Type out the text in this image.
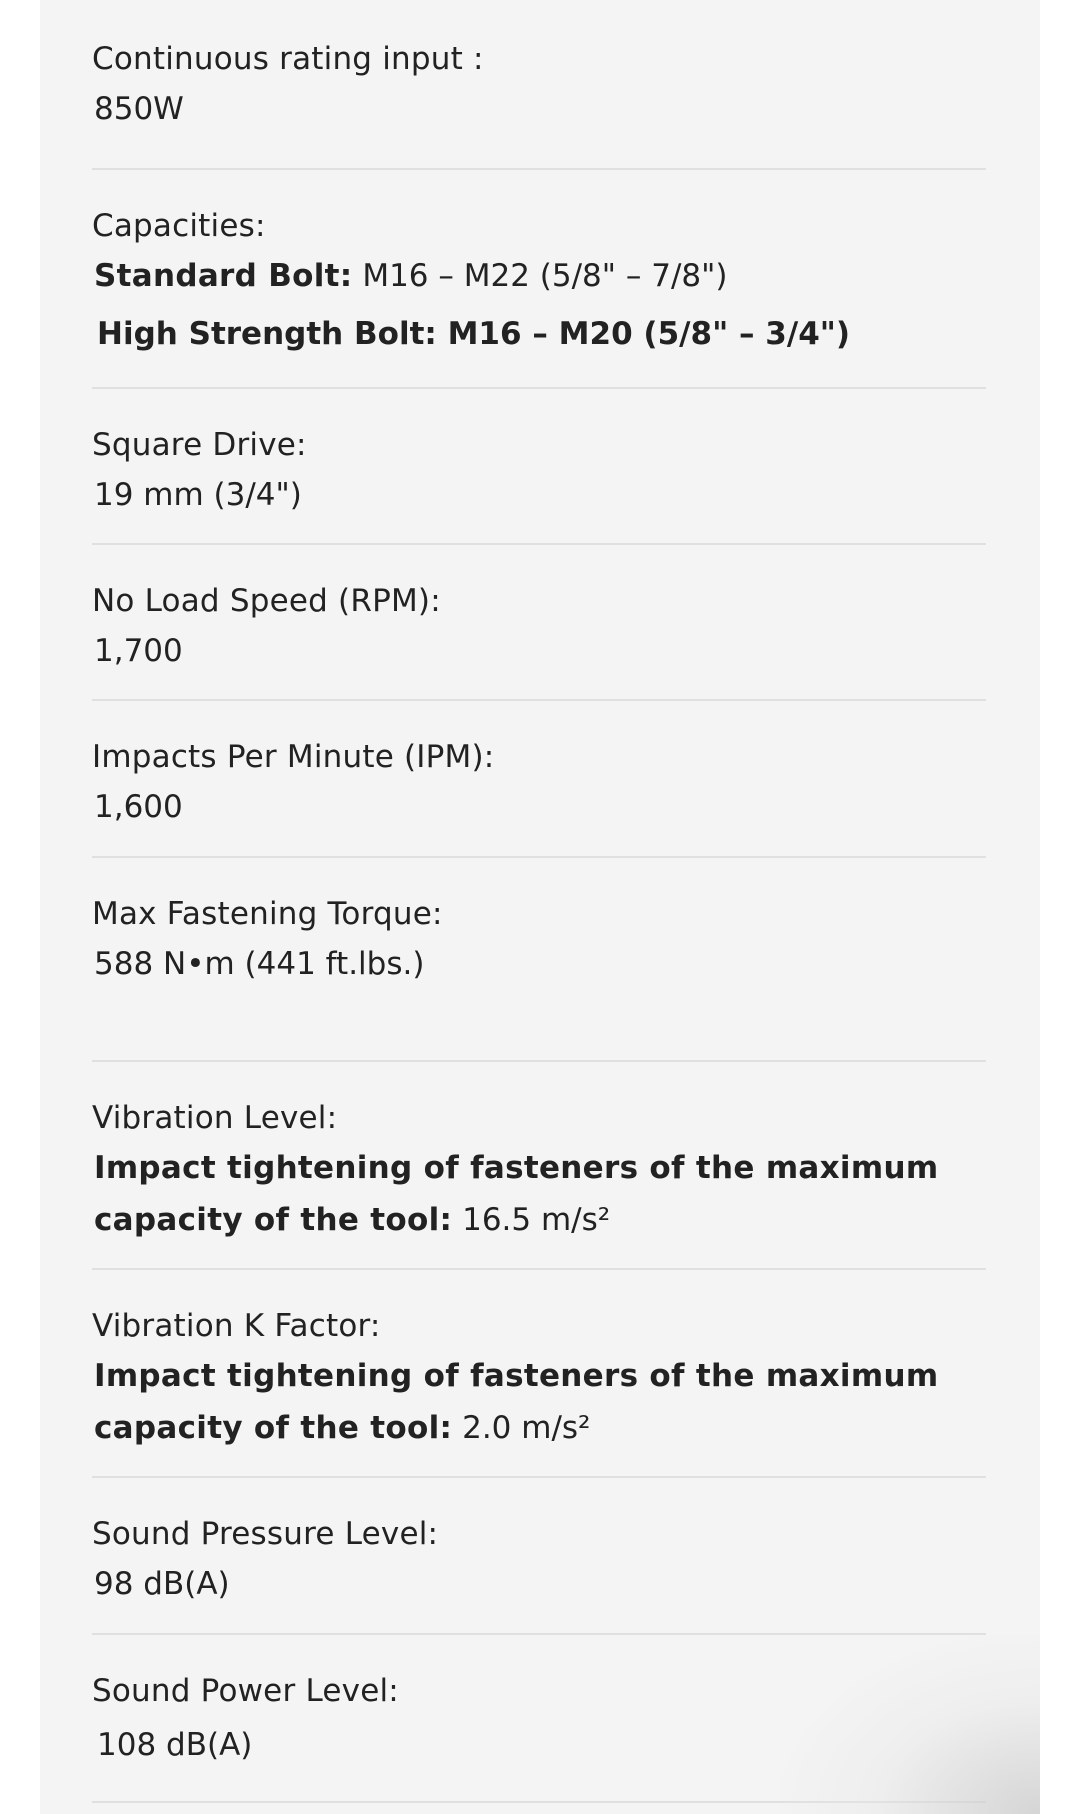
Continuous rating input :

850W

Capacities:

Standard Bolt: M16 – M22 (5/8" – 7/8")

High Strength Bolt: M16 – M20 (5/8" – 3/4")

Square Drive:

19 mm (3/4")

No Load Speed (RPM):

1,700

Impacts Per Minute (IPM):

1,600

Max Fastening Torque:

588 N•m (441 ft.lbs.)

Vibration Level:

Impact tightening of fasteners of the maximum

capacity of the tool: 16.5 m/s²

Vibration K Factor:

Impact tightening of fasteners of the maximum

capacity of the tool: 2.0 m/s²

Sound Pressure Level:

98 dB(A)

Sound Power Level:

108 dB(A)
